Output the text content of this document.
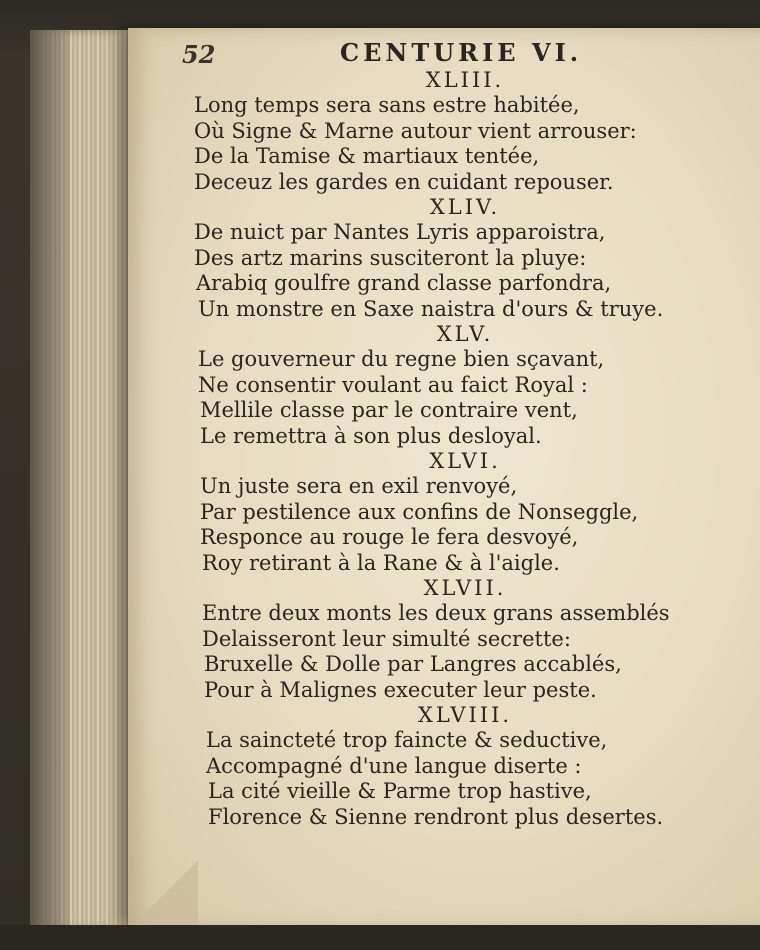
52	CENTURIE VI.
XLIII.
Long temps sera sans estre habitée,
Où Signe & Marne autour vient arrouser:
De la Tamise & martiaux tentée,
Deceuz les gardes en cuidant repouser.
XLIV.
De nuict par Nantes Lyris apparoistra,
Des artz marins susciteront la pluye:
Arabiq goulfre grand classe parfondra,
Un monstre en Saxe naistra d'ours & truye.
XLV.
Le gouverneur du regne bien sçavant,
Ne consentir voulant au faict Royal :
Mellile classe par le contraire vent,
Le remettra à son plus desloyal.
XLVI.
Un juste sera en exil renvoyé,
Par pestilence aux confins de Nonseggle,
Responce au rouge le fera desvoyé,
Roy retirant à la Rane & à l'aigle.
XLVII.
Entre deux monts les deux grans assemblés
Delaisseront leur simulté secrette:
Bruxelle & Dolle par Langres accablés,
Pour à Malignes executer leur peste.
XLVIII.
La saincteté trop faincte & seductive,
Accompagné d'une langue diserte :
La cité vieille & Parme trop hastive,
Florence & Sienne rendront plus desertes.
